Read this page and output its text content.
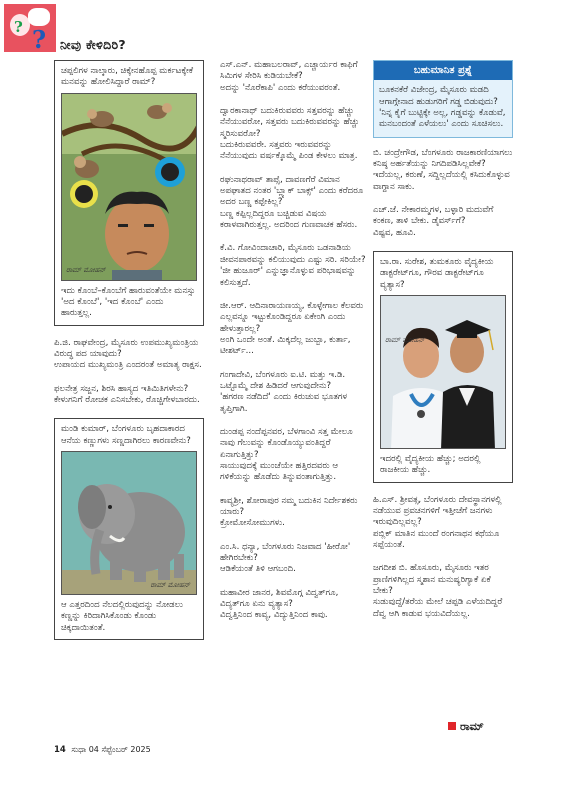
? ? ನೀವು ಕೇಳಿದಿರಿ?
ಚಪ್ಪಲಿಗಳ ನಾಲ್ಕಾರು, ಚಿಕ್ಕೇನಹೊಪ್ಪ ಮರ್ಕಟಕ್ಕೇಕೆ ಮನವನ್ನು ಹೋಲಿಸಿದ್ದಾರೆ ರಾಮ್?
ರಾಮ್ ಮೋಹನ್
ಇದು ಕೊಂಬೆ–ಕೊಂಬೆಗೆ ಹಾರುವಂತೆಯೇ ಮನಸ್ಸು 'ಅದ ಕೊಂಬೆ', 'ಇದ ಕೊಂಬೆ' ಎಂದು ಹಾರುತ್ತಲ್ಲ.
ಪಿ.ಜಿ. ರಾಘವೇಂದ್ರ, ಮೈಸೂರು ಉಪಮುಖ್ಯಮಂತ್ರಿಯ ವಿರುದ್ಧ ಪದ ಯಾವುದು?
ಉಪಾಯದ ಮುಖ್ಯಮಂತ್ರಿ ಎಂದರಂತೆ ಅಮಾತ್ಯ ರಾಕ್ಷಸ.
ಫಲನೇತ್ರ ಸಜ್ಜನ, ಶಿರಸಿ ಹಾಸ್ಯದ ಇತಿಮಿತಿಗಳೇನು?
ಕೇಳುಗನಿಗೆ ರೋಚಕ ಎನಿಸಬೇಕು, ರೊಚ್ಚಿಗೇಳಬಾರದು.
ಮಂಡಿ ಕುಮಾರ್, ಬೆಂಗಳೂರು ಬೃಹದಾಕಾರದ ಆನೆಯ ಕಣ್ಣುಗಳು ಸಣ್ಣದಾಗಿರಲು ಕಾರಣವೇನು?
ರಾಮ್ ಮೋಹನ್
ಆ ಎತ್ತರದಿಂದ ನೆಲದಲ್ಲಿರುವುದನ್ನು ನೋಡಲು ಕಣ್ಣನ್ನು ಕಿರಿದಾಗಿಸಿಕೊಂಡು ಕೊಂಡು ಚಿಕ್ಕದಾಯಿತಂತೆ.
ಎಸ್.ಎನ್. ಮಹಾಬಲರಾವ್, ಎಚ್ಚಾರ್ಯರ ಕಾಫಿಗೆ ಸಿಮಿಗಳ ಸೇರಿಸಿ ಕುಡಿಯಬೇಕೆ?
ಅದನ್ನು 'ನೊರೆಕಾಪಿ' ಎಂದು ಕರೆಯುವರಂತೆ.
ದ್ವಾರಕಾನಾಥ್ ಬದುಕಿರುವವರು ಸತ್ತವರನ್ನು ಹೆಚ್ಚು ನೆನೆಯುವರೋ, ಸತ್ತವರು ಬದುಕಿರುವವರನ್ನು ಹೆಚ್ಚು ಸ್ಮರಿಸುವರೋ?
ಬದುಕಿರುವವರೇ. ಸತ್ತವರು ಇರುವವರನ್ನು ನೆನೆಯುವುದು ವರ್ಷಕ್ಕೊಮ್ಮೆ ಪಿಂಡ ಕೇಳಲು ಮಾತ್ರ.
ರಘುನಾಥರಾವ್ ತಾಪ್ಸೆ, ದಾವಣಗೆರೆ ವಿಮಾನ ಅಪಘಾತದ ನಂತರ 'ಬ್ಲ್ಯಾಕ್ ಬಾಕ್ಸ್' ಎಂದು ಕರೆದರೂ ಅದರ ಬಣ್ಣ ಕಪ್ಪೇಕಿಲ್ಲ?
ಬಣ್ಣ ಕಪ್ಪಿಲ್ಲದಿದ್ದರೂ ಬಚ್ಚಿಡುವ ವಿಷಯ ಕರಾಳವಾಗಿರುತ್ತಲ್ಲ. ಅದರಿಂದ ಗುಣವಾಚಕ ಹೆಸರು.
ಕೆ.ವಿ. ಗೋವಿಂದಾಚಾರಿ, ಮೈಸೂರು ಒಡನಾಡಿಯ ಜೀವನಪಾಠವನ್ನು ಕಲಿಯುವುದು ಎಷ್ಟು ಸರಿ. ಸರಿಯೇ?
'ಜೀ ಹುಜೂರ್' ಎನ್ನುಜ್ಞಾನೊಳ್ಳುವ ಪರಿಭಾಷವನ್ನು ಕಲಿಸುತ್ತದೆ.
ಜೀ.ಆರ್. ಆದಿನಾರಾಯಣಯ್ಯ, ಕೊಳ್ಳೇಗಾಲ ಕೆಲವರು ಎಲ್ಲವನ್ನೂ ಇಟ್ಟುಕೊಂಡಿದ್ದರೂ ಏಕೇಂಗಿ ಎಂದು ಹೇಳುತ್ತಾರಲ್ಲ?
ಅಂಗಿ ಒಂದೇ ಅಂತೆ. ಮಿಕ್ಕದೆಲ್ಲ ಜುಬ್ಬಾ, ಕುರ್ತಾ, ಟೀಶರ್ಟ್...
ಗಂಗಾದೇವಿ, ಬೆಂಗಳೂರು ಐ.ಟಿ. ಮತ್ತು ಇ.ಡಿ. ಒಟ್ಟೊಮ್ಮೆ ದೇಶ ಹಿಡಿದರೆ ಆಗುವುದೇನು?
'ಹಗರಣ ನಡೆದಿದೆ' ಎಂದು ಕಿರುಚುವ ಭೂತಗಳ ತೃಪ್ತಿಗಾಗಿ.
ದುಂಡಪ್ಪ ನಂದೆಪ್ಪನವರ, ಬೆಳಗಾಂವಿ ಸತ್ತ ಮೇಲೂ ನಾವು ಗೆಲುವನ್ನು ಕೊಂಡೊಯ್ಯುವಂತಿದ್ದರೆ ಏನಾಗುತ್ತಿತ್ತು?
ಸಾಯುವುದಕ್ಕೆ ಮುಂಚೆಯೇ ಹತ್ತಿರದವರು ಆ ಗಳಿಕೆಯನ್ನು ಹೊಡೆದು ತಿನ್ನುವಂತಾಗುತ್ತಿತ್ತು.
ಕಾವ್ಯಶ್ರೀ, ಶೋರಾಪುರ ನಮ್ಮ ಬದುಕಿನ ನಿರ್ದೇಶಕರು ಯಾರು?
ಕ್ರೋಮೋಸೋಮುಗಳು.
ಎಂ.ಸಿ. ಧನ್ಯಾ, ಬೆಂಗಳೂರು ನಿಜವಾದ 'ಹೀರೋ' ಹೇಗಿರಬೇಕು?
ಆಡಿಕೆಯಂತೆ ತಿಳಿ ಆಗಬಂದಿ.
ಮಹಾವೀರ ಜಾನರ, ಶಿವಮೊಗ್ಗ ವಿದ್ವತ್‌ಗೂ, ವಿದ್ಯತ್‌ಗೂ ಏನು ವ್ಯತ್ಯಾಸ?
ವಿದ್ವತ್ತಿನಿಂದ ಕಾವ್ಯ, ವಿದ್ಯುತ್ತಿನಿಂದ ಕಾವು.
ಬಹುಮಾನಿತ ಪ್ರಶ್ನೆ
ಬೂಕನಕೆರೆ ವಿಜೇಂದ್ರ, ಮೈಸೂರು ಮಡದಿ ಆಗಾಗ್ಗೇನಾದ ಹುಡುಗರಿಗೆ ಗಡ್ಡ ಬಿಡುವುದು?
'ನಿನ್ನ ಕೈಗೆ ಬುಟ್ಟಿಕ್ಕೇ ಅಲ್ಲ, ಗಡ್ಡವನ್ನು ಕೊಡುವೆ, ಮನಬಂದಂತೆ ಎಳೆಯಲು' ಎಂದು ಸೂಚಿಸಲು.
ಬಿ. ಚಂದ್ರೇಗೌಡ, ಬೆಂಗಳೂರು ರಾಜಕಾರಣಿಯಾಗಲು ಕನಿಷ್ಠ ಅರ್ಹತೆಯನ್ನು ನಿಗದಿಪಡಿಸಿಲ್ಲವೇಕೆ?
ಇದೆಯಲ್ಲ, ಕರುಣೆ, ಸದ್ದಿಲ್ಲದೆಯಲ್ಲಿ ಕಸಿದುಕೊಳ್ಳುವ ವಾಗ್ದಾನ ಸಾಕು.
ಎಚ್.ಜೆ. ನೇಕಾರಮ್ಮಗಳ, ಬಳ್ಳಾರಿ ಮದುವೆಗೆ ಕಂಕಣ, ತಾಳಿ ಬೇಕು. ಡೈವರ್ಸ್‌ಗೆ?
ವಿಷ್ಟವ, ಹೂವಿ.
ಬಾ.ರಾ. ಸುರೇಶ, ತುಮಕೂರು ವೈದ್ಯಕೀಯ ಡಾಕ್ಟರೇಟ್‌ಗೂ, ಗೌರವ ಡಾಕ್ಟರೇಟ್‌ಗೂ ವ್ಯತ್ಯಾಸ?
ರಾಮ್ ಮೋಹನ್
ಇದರಲ್ಲಿ ವೈದ್ಯಕೀಯ ಹೆಚ್ಚು; ಅದರಲ್ಲಿ ರಾಜಕೀಯ ಹೆಚ್ಚು.
ಹಿ.ಎಸ್. ಶ್ರೀವತ್ಸ, ಬೆಂಗಳೂರು ದೇವಸ್ಥಾನಗಳಲ್ಲಿ ನಡೆಯುವ ಪ್ರವಚನಗಳಿಗೆ ಇತ್ತೀಚೆಗೆ ಜನಗಳು ಇರುವುದಿಲ್ಲವಲ್ಲ?
ಪಬ್ಲಿಕ್ ಮಾತಿನ ಮುಂದೆ ರಂಗನಾಥನ ಕಥೆಯೂ ಸಪ್ಪೆಯಂತೆ.
ಜಗದೀಶ ಬಿ. ಹೊಸೂರು, ಮೈಸೂರು ಇತರ ಪ್ರಾಣಿಗಳಿಗಿಲ್ಲದ ಸ್ಮಶಾನ ಮನುಷ್ಯರಿಗ್ಯಾಕೆ ಏಕೆ ಬೇಕು?
ಸುಡುವುದ್ದೆ/ತರೆಯ ಮೇಲೆ ಚಪ್ಪಡಿ ಎಳೆಯದಿದ್ದರೆ ದೆವ್ವ ಆಗಿ ಕಾಡುವ ಭಯವಿದೆಯಲ್ಲ.
ರಾಮ್
14 ಸುಧಾ 04 ಸೆಪ್ಟೆಂಬರ್ 2025
